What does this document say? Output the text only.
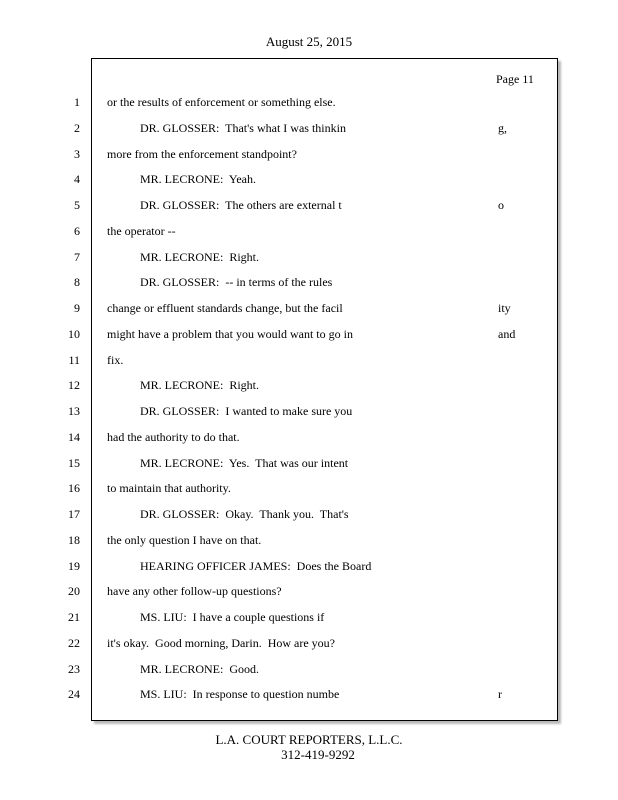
August 25, 2015
Page 11
1 or the results of enforcement or something else.
2	DR. GLOSSER:  That's what I was thinkin	g,
3 more from the enforcement standpoint?
4	MR. LECRONE:  Yeah.
5	DR. GLOSSER:  The others are external t	o
6 the operator --
7	MR. LECRONE:  Right.
8	DR. GLOSSER:  -- in terms of the rules
9 change or effluent standards change, but the facil	ity
10 might have a problem that you would want to go in	and
11 fix.
12	MR. LECRONE:  Right.
13	DR. GLOSSER:  I wanted to make sure you
14 had the authority to do that.
15	MR. LECRONE:  Yes.  That was our intent
16 to maintain that authority.
17	DR. GLOSSER:  Okay.  Thank you.  That's
18 the only question I have on that.
19	HEARING OFFICER JAMES:  Does the Board
20 have any other follow-up questions?
21	MS. LIU:  I have a couple questions if
22 it's okay.  Good morning, Darin.  How are you?
23	MR. LECRONE:  Good.
24	MS. LIU:  In response to question numbe	r
L.A. COURT REPORTERS, L.L.C.
312-419-9292
